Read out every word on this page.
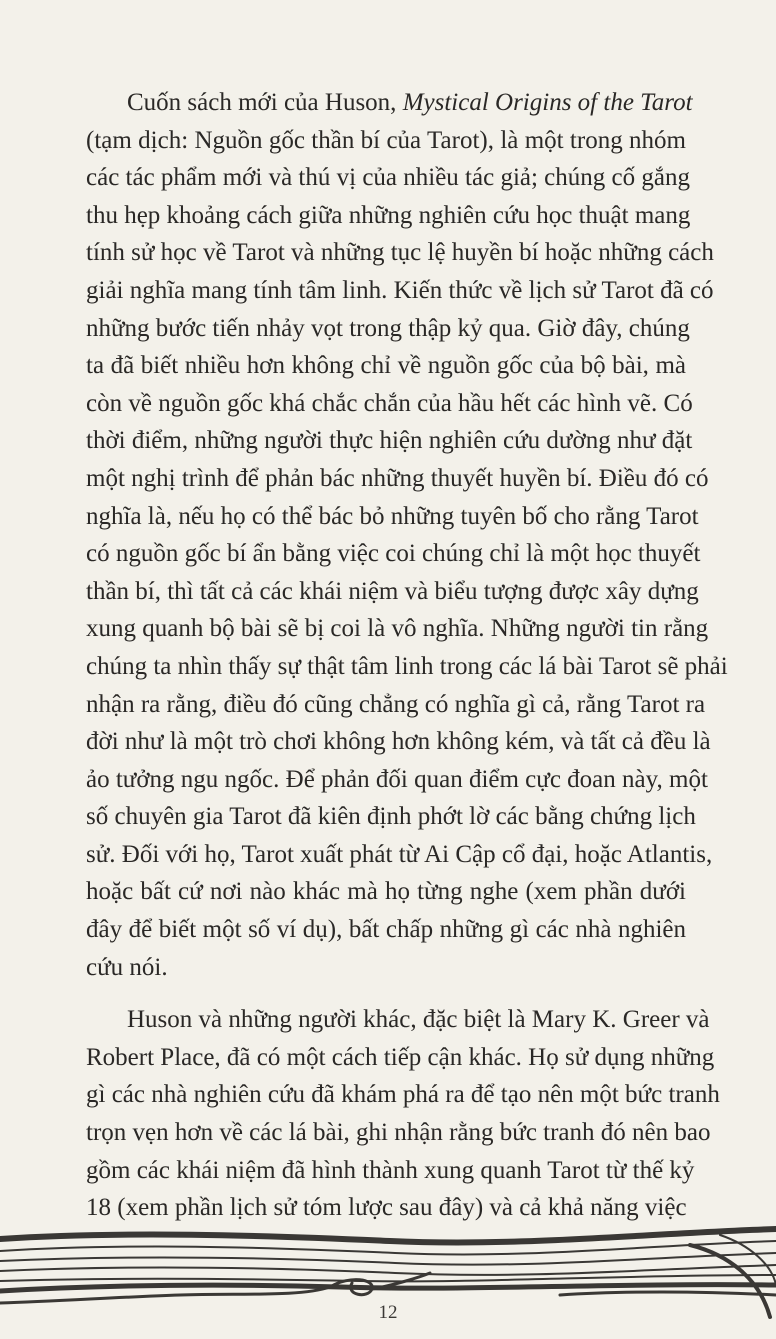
Cuốn sách mới của Huson, Mystical Origins of the Tarot
(tạm dịch: Nguồn gốc thần bí của Tarot), là một trong nhóm
các tác phẩm mới và thú vị của nhiều tác giả; chúng cố gắng
thu hẹp khoảng cách giữa những nghiên cứu học thuật mang
tính sử học về Tarot và những tục lệ huyền bí hoặc những cách
giải nghĩa mang tính tâm linh. Kiến thức về lịch sử Tarot đã có
những bước tiến nhảy vọt trong thập kỷ qua. Giờ đây, chúng
ta đã biết nhiều hơn không chỉ về nguồn gốc của bộ bài, mà
còn về nguồn gốc khá chắc chắn của hầu hết các hình vẽ. Có
thời điểm, những người thực hiện nghiên cứu dường như đặt
một nghị trình để phản bác những thuyết huyền bí. Điều đó có
nghĩa là, nếu họ có thể bác bỏ những tuyên bố cho rằng Tarot
có nguồn gốc bí ẩn bằng việc coi chúng chỉ là một học thuyết
thần bí, thì tất cả các khái niệm và biểu tượng được xây dựng
xung quanh bộ bài sẽ bị coi là vô nghĩa. Những người tin rằng
chúng ta nhìn thấy sự thật tâm linh trong các lá bài Tarot sẽ phải
nhận ra rằng, điều đó cũng chẳng có nghĩa gì cả, rằng Tarot ra
đời như là một trò chơi không hơn không kém, và tất cả đều là
ảo tưởng ngu ngốc. Để phản đối quan điểm cực đoan này, một
số chuyên gia Tarot đã kiên định phớt lờ các bằng chứng lịch
sử. Đối với họ, Tarot xuất phát từ Ai Cập cổ đại, hoặc Atlantis,
hoặc bất cứ nơi nào khác mà họ từng nghe (xem phần dưới
đây để biết một số ví dụ), bất chấp những gì các nhà nghiên
cứu nói.
Huson và những người khác, đặc biệt là Mary K. Greer và
Robert Place, đã có một cách tiếp cận khác. Họ sử dụng những
gì các nhà nghiên cứu đã khám phá ra để tạo nên một bức tranh
trọn vẹn hơn về các lá bài, ghi nhận rằng bức tranh đó nên bao
gồm các khái niệm đã hình thành xung quanh Tarot từ thế kỷ
18 (xem phần lịch sử tóm lược sau đây) và cả khả năng việc
12
